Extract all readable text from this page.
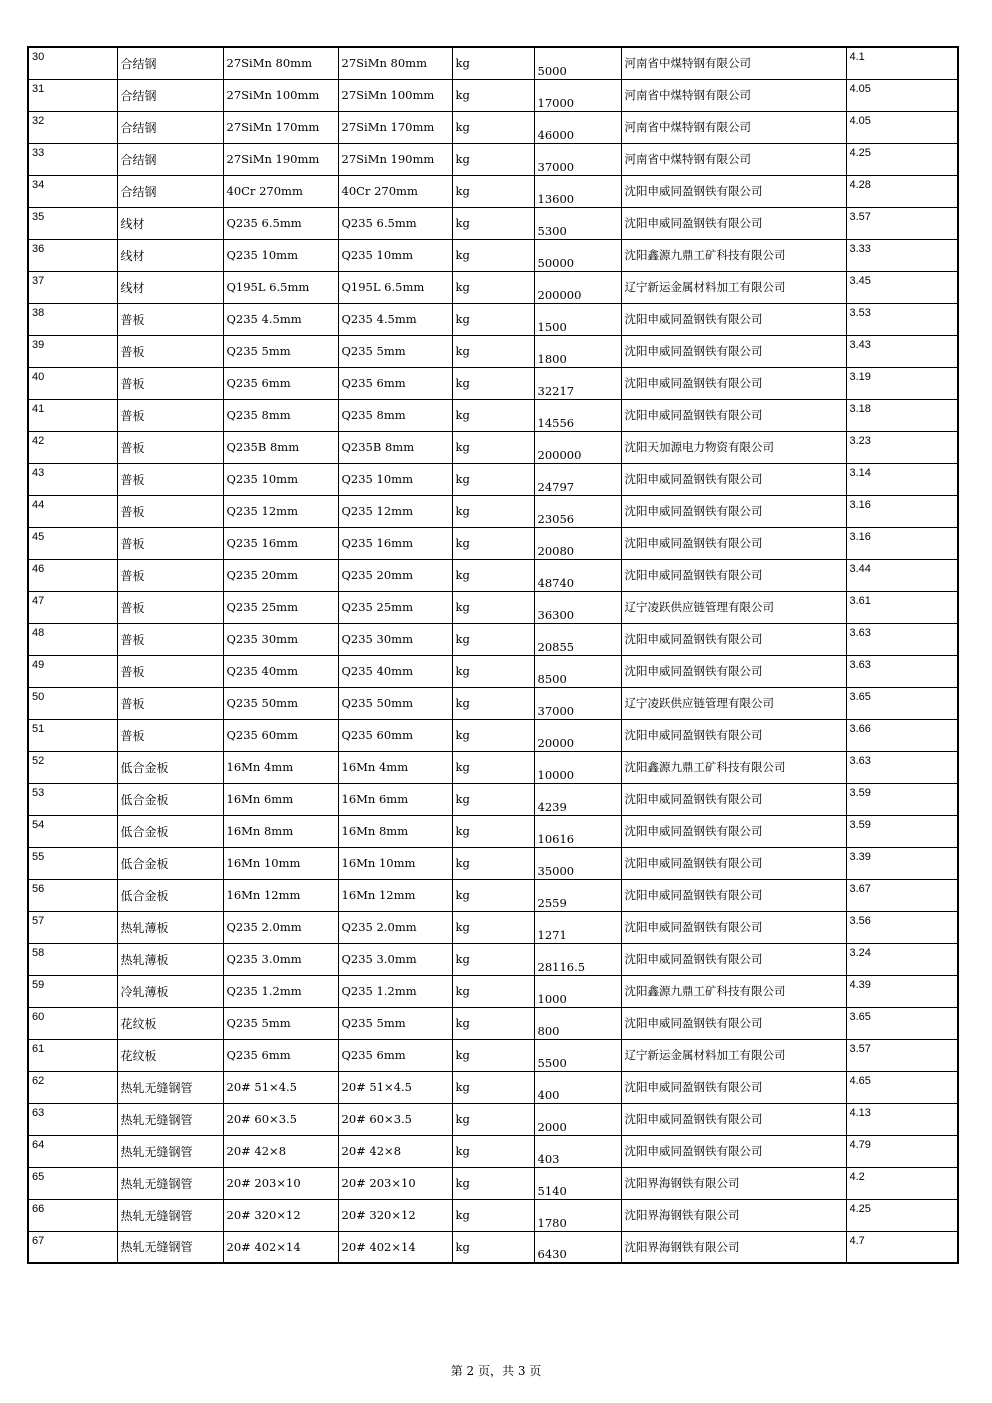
30	合结钢	27SiMn 80mm	27SiMn 80mm	kg	5000	河南省中煤特钢有限公司	4.1
31	合结钢	27SiMn 100mm	27SiMn 100mm	kg	17000	河南省中煤特钢有限公司	4.05
32	合结钢	27SiMn 170mm	27SiMn 170mm	kg	46000	河南省中煤特钢有限公司	4.05
33	合结钢	27SiMn 190mm	27SiMn 190mm	kg	37000	河南省中煤特钢有限公司	4.25
34	合结钢	40Cr 270mm	40Cr 270mm	kg	13600	沈阳申威同盈钢铁有限公司	4.28
35	线材	Q235 6.5mm	Q235 6.5mm	kg	5300	沈阳申威同盈钢铁有限公司	3.57
36	线材	Q235 10mm	Q235 10mm	kg	50000	沈阳鑫源九鼎工矿科技有限公司	3.33
37	线材	Q195L 6.5mm	Q195L 6.5mm	kg	200000	辽宁新运金属材料加工有限公司	3.45
38	普板	Q235 4.5mm	Q235 4.5mm	kg	1500	沈阳申威同盈钢铁有限公司	3.53
39	普板	Q235 5mm	Q235 5mm	kg	1800	沈阳申威同盈钢铁有限公司	3.43
40	普板	Q235 6mm	Q235 6mm	kg	32217	沈阳申威同盈钢铁有限公司	3.19
41	普板	Q235 8mm	Q235 8mm	kg	14556	沈阳申威同盈钢铁有限公司	3.18
42	普板	Q235B 8mm	Q235B 8mm	kg	200000	沈阳天加源电力物资有限公司	3.23
43	普板	Q235 10mm	Q235 10mm	kg	24797	沈阳申威同盈钢铁有限公司	3.14
44	普板	Q235 12mm	Q235 12mm	kg	23056	沈阳申威同盈钢铁有限公司	3.16
45	普板	Q235 16mm	Q235 16mm	kg	20080	沈阳申威同盈钢铁有限公司	3.16
46	普板	Q235 20mm	Q235 20mm	kg	48740	沈阳申威同盈钢铁有限公司	3.44
47	普板	Q235 25mm	Q235 25mm	kg	36300	辽宁凌跃供应链管理有限公司	3.61
48	普板	Q235 30mm	Q235 30mm	kg	20855	沈阳申威同盈钢铁有限公司	3.63
49	普板	Q235 40mm	Q235 40mm	kg	8500	沈阳申威同盈钢铁有限公司	3.63
50	普板	Q235 50mm	Q235 50mm	kg	37000	辽宁凌跃供应链管理有限公司	3.65
51	普板	Q235 60mm	Q235 60mm	kg	20000	沈阳申威同盈钢铁有限公司	3.66
52	低合金板	16Mn 4mm	16Mn 4mm	kg	10000	沈阳鑫源九鼎工矿科技有限公司	3.63
53	低合金板	16Mn 6mm	16Mn 6mm	kg	4239	沈阳申威同盈钢铁有限公司	3.59
54	低合金板	16Mn 8mm	16Mn 8mm	kg	10616	沈阳申威同盈钢铁有限公司	3.59
55	低合金板	16Mn 10mm	16Mn 10mm	kg	35000	沈阳申威同盈钢铁有限公司	3.39
56	低合金板	16Mn 12mm	16Mn 12mm	kg	2559	沈阳申威同盈钢铁有限公司	3.67
57	热轧薄板	Q235 2.0mm	Q235 2.0mm	kg	1271	沈阳申威同盈钢铁有限公司	3.56
58	热轧薄板	Q235 3.0mm	Q235 3.0mm	kg	28116.5	沈阳申威同盈钢铁有限公司	3.24
59	冷轧薄板	Q235 1.2mm	Q235 1.2mm	kg	1000	沈阳鑫源九鼎工矿科技有限公司	4.39
60	花纹板	Q235 5mm	Q235 5mm	kg	800	沈阳申威同盈钢铁有限公司	3.65
61	花纹板	Q235 6mm	Q235 6mm	kg	5500	辽宁新运金属材料加工有限公司	3.57
62	热轧无缝钢管	20# 51×4.5	20# 51×4.5	kg	400	沈阳申威同盈钢铁有限公司	4.65
63	热轧无缝钢管	20# 60×3.5	20# 60×3.5	kg	2000	沈阳申威同盈钢铁有限公司	4.13
64	热轧无缝钢管	20# 42×8	20# 42×8	kg	403	沈阳申威同盈钢铁有限公司	4.79
65	热轧无缝钢管	20# 203×10	20# 203×10	kg	5140	沈阳界海钢铁有限公司	4.2
66	热轧无缝钢管	20# 320×12	20# 320×12	kg	1780	沈阳界海钢铁有限公司	4.25
67	热轧无缝钢管	20# 402×14	20# 402×14	kg	6430	沈阳界海钢铁有限公司	4.7
第 2 页，共 3 页
